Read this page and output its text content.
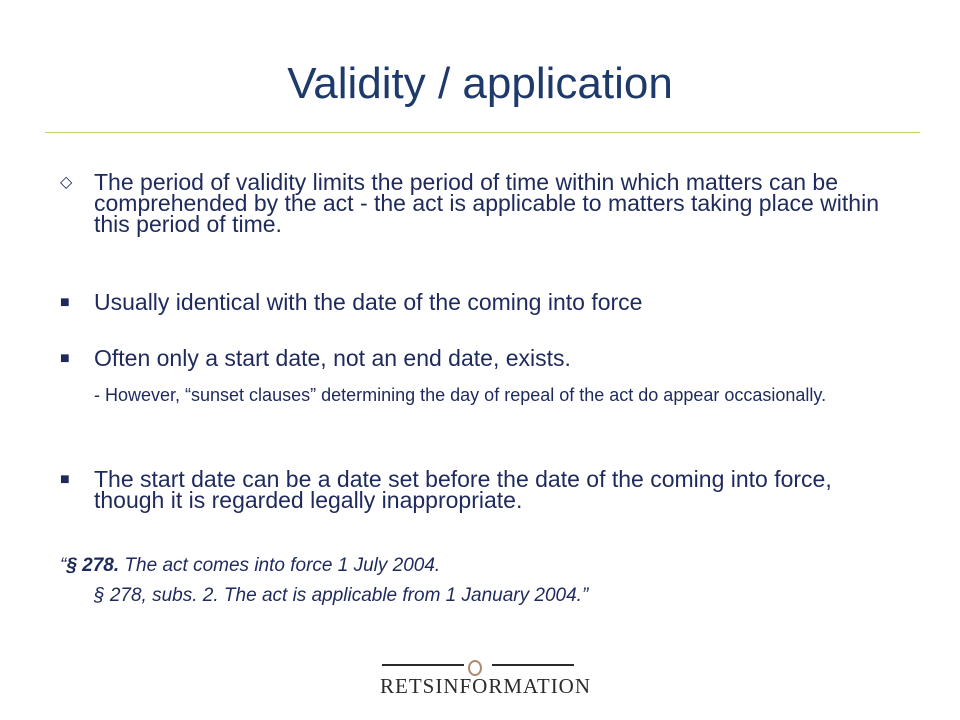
Validity / application
◇ The period of validity limits the period of time within which matters can be comprehended by the act - the act is applicable to matters taking place within this period of time.
■	Usually identical with the date of the coming into force
■	Often only a start date, not an end date, exists.
- However, “sunset clauses” determining the day of repeal of the act do appear occasionally.
■	The start date can be a date set before the date of the coming into force, though it is regarded legally inappropriate.
“§ 278. The act comes into force 1 July 2004.
§ 278, subs. 2. The act is applicable from 1 January 2004.”
RETSINFORMATION
